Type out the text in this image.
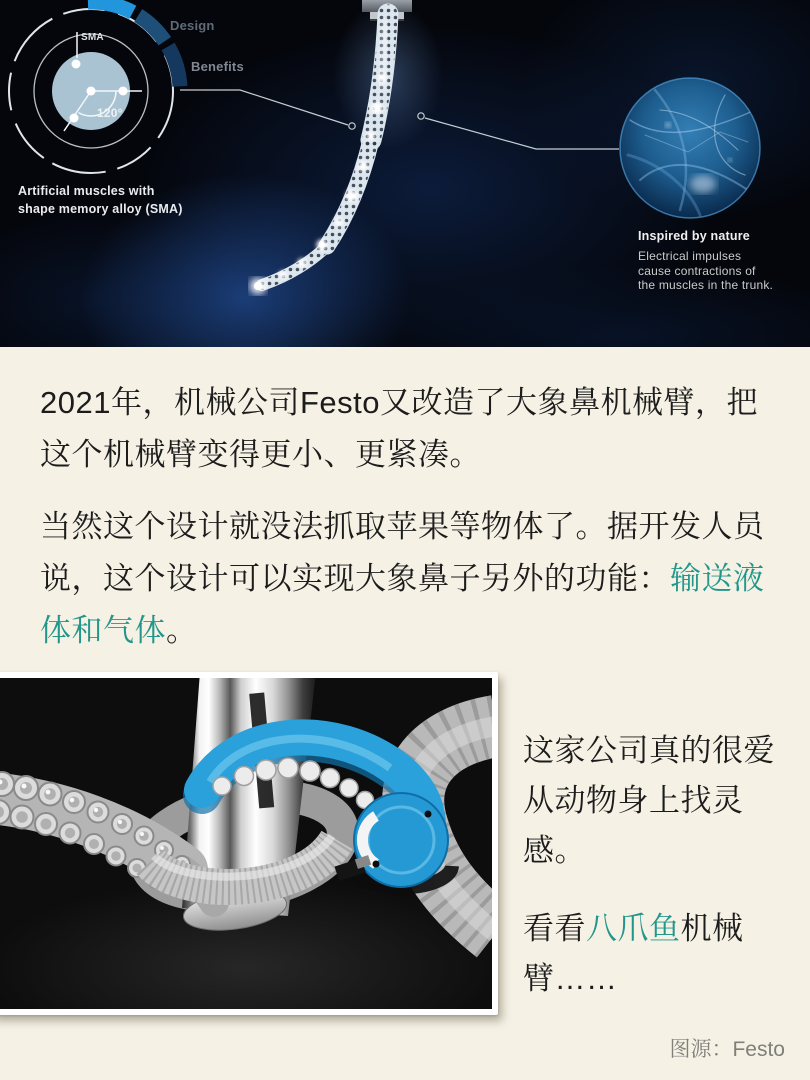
Design
Benefits
SMA
120°
Artificial muscles with shape memory alloy (SMA)
Inspired by nature
Electrical impulses cause contractions of the muscles in the trunk.

2021年，机械公司Festo又改造了大象鼻机械臂，把这个机械臂变得更小、更紧凑。

当然这个设计就没法抓取苹果等物体了。据开发人员说，这个设计可以实现大象鼻子另外的功能：输送液体和气体。

这家公司真的很爱从动物身上找灵感。
看看八爪鱼机械臂……
图源：Festo
